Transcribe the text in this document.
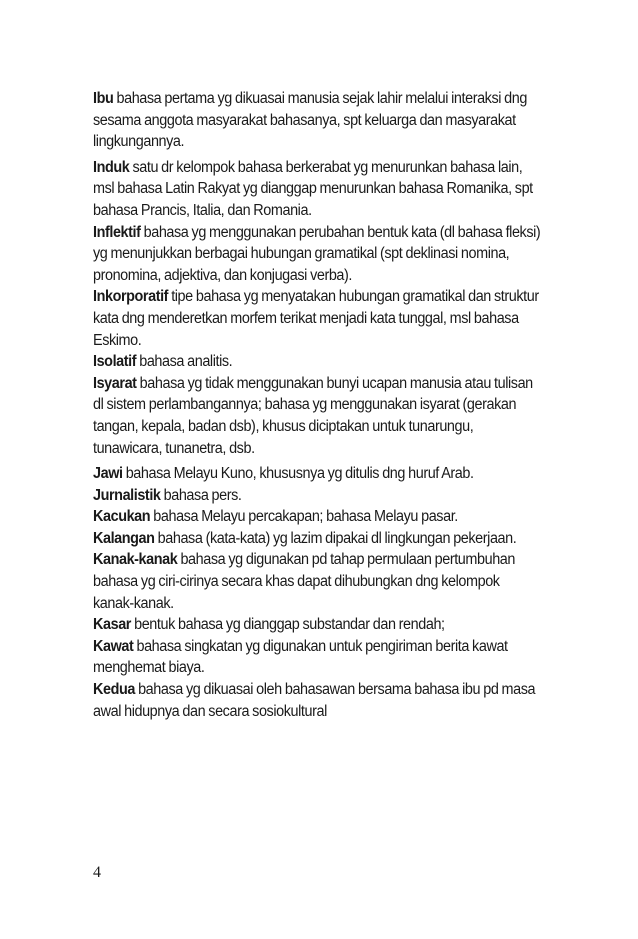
Ibu bahasa pertama yg dikuasai manusia sejak lahir melalui interaksi dng sesama anggota masyarakat bahasanya, spt keluarga dan masyarakat lingkungannya.

Induk satu dr kelompok bahasa berkerabat yg menurunkan bahasa lain, msl bahasa Latin Rakyat yg dianggap menurunkan bahasa Romanika, spt bahasa Prancis, Italia, dan Romania.

Inflektif bahasa yg menggunakan perubahan bentuk kata (dl bahasa fleksi) yg menunjukkan berbagai hubungan gramatikal (spt deklinasi nomina, pronomina, adjektiva, dan konjugasi verba).

Inkorporatif tipe bahasa yg menyatakan hubungan gramatikal dan struktur kata dng menderetkan morfem terikat menjadi kata tunggal, msl bahasa Eskimo.

Isolatif bahasa analitis.

Isyarat bahasa yg tidak menggunakan bunyi ucapan manusia atau tulisan dl sistem perlambangannya; bahasa yg menggunakan isyarat (gerakan tangan, kepala, badan dsb), khusus diciptakan untuk tunarungu, tunawicara, tunanetra, dsb.

Jawi bahasa Melayu Kuno, khususnya yg ditulis dng huruf Arab.

Jurnalistik bahasa pers.

Kacukan bahasa Melayu percakapan; bahasa Melayu pasar.

Kalangan bahasa (kata-kata) yg lazim dipakai dl lingkungan pekerjaan.

Kanak-kanak bahasa yg digunakan pd tahap permulaan pertumbuhan bahasa yg ciri-cirinya secara khas dapat dihubungkan dng kelompok kanak-kanak.

Kasar bentuk bahasa yg dianggap substandar dan rendah;

Kawat bahasa singkatan yg digunakan untuk pengiriman berita kawat menghemat biaya.

Kedua bahasa yg dikuasai oleh bahasawan bersama bahasa ibu pd masa awal hidupnya dan secara sosiokultural

4
